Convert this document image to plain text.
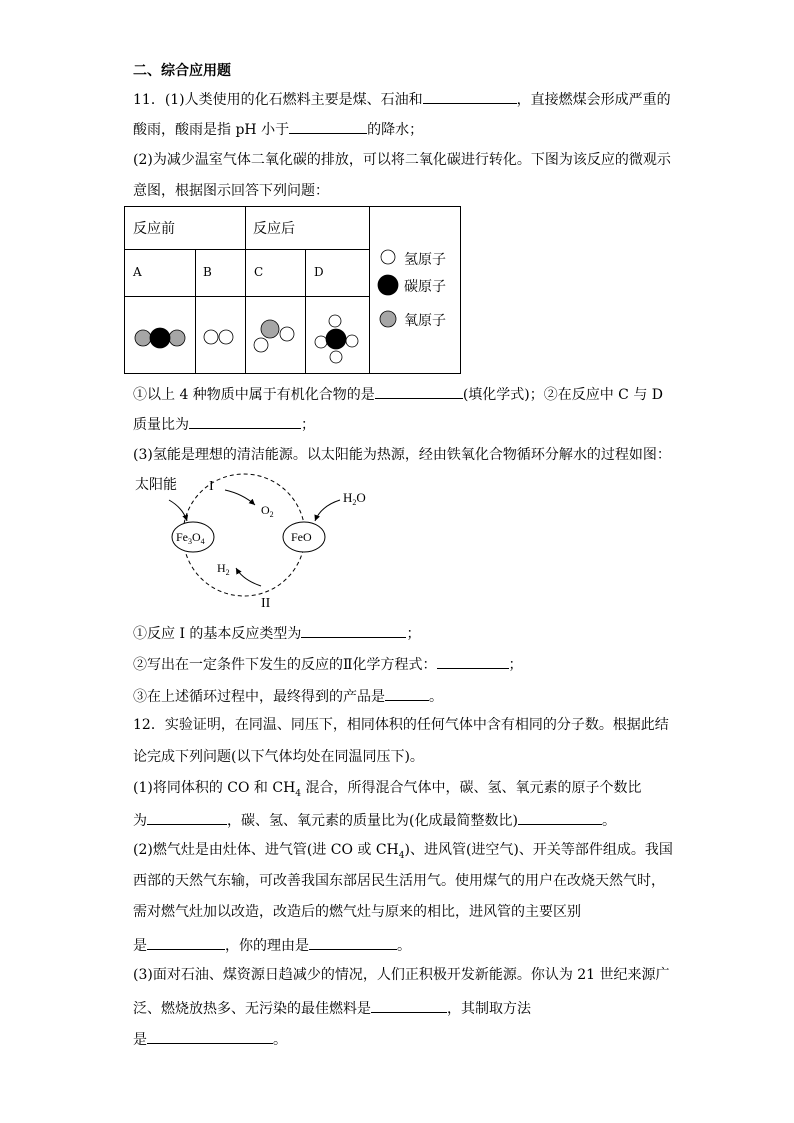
二、综合应用题
11．(1)人类使用的化石燃料主要是煤、石油和	，直接燃煤会形成严重的
酸雨，酸雨是指 pH 小于	的降水；
(2)为减少温室气体二氧化碳的排放，可以将二氧化碳进行转化。下图为该反应的微观示
意图，根据图示回答下列问题：
反应前	反应后
A	B	C	D
氢原子
碳原子
氧原子
①以上 4 种物质中属于有机化合物的是	(填化学式)；②在反应中 C 与 D
质量比为	；
(3)氢能是理想的清洁能源。以太阳能为热源，经由铁氧化合物循环分解水的过程如图：
太阳能 I
$O_2$
$H_2O$
$H_2$
II
$Fe_3O_4$	FeO
①反应 I 的基本反应类型为	；
②写出在一定条件下发生的反应的Ⅱ化学方程式：	；
③在上述循环过程中，最终得到的产品是	。
12．实验证明，在同温、同压下，相同体积的任何气体中含有相同的分子数。根据此结
论完成下列问题(以下气体均处在同温同压下)。
(1)将同体积的 CO 和 $CH_4$ 混合，所得混合气体中，碳、氢、氧元素的原子个数比
为	，碳、氢、氧元素的质量比为(化成最简整数比)	。
(2)燃气灶是由灶体、进气管(进 CO 或 $CH_4$)、进风管(进空气)、开关等部件组成。我国
西部的天然气东输，可改善我国东部居民生活用气。使用煤气的用户在改烧天然气时，
需对燃气灶加以改造，改造后的燃气灶与原来的相比，进风管的主要区别
是	，你的理由是	。
(3)面对石油、煤资源日趋减少的情况，人们正积极开发新能源。你认为 21 世纪来源广
泛、燃烧放热多、无污染的最佳燃料是	，其制取方法
是	。
